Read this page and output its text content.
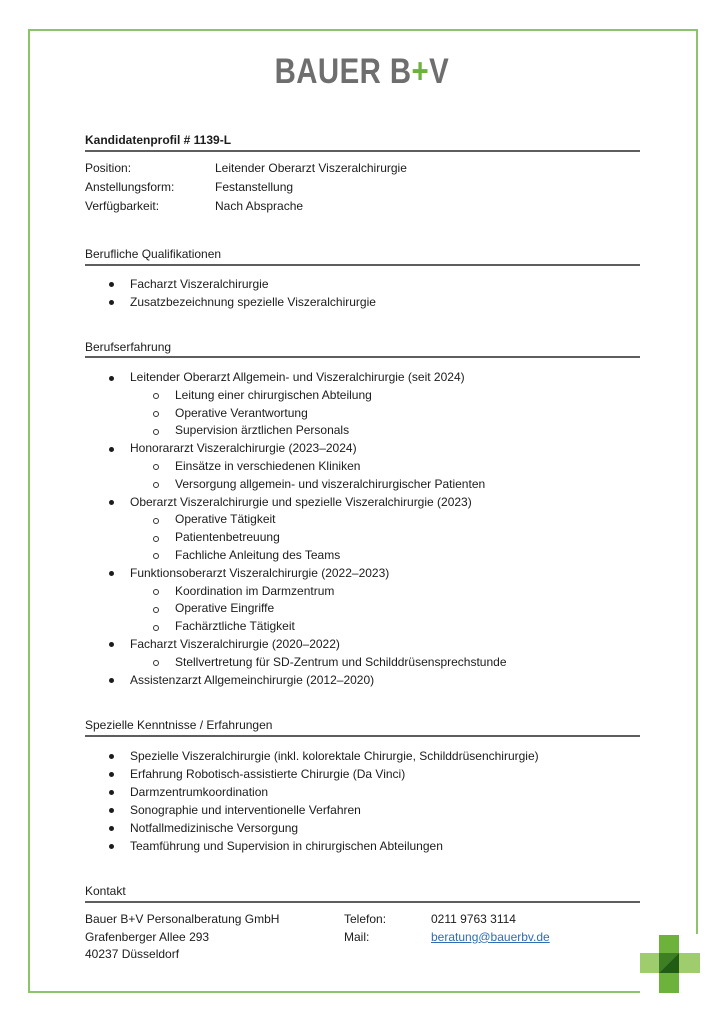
BAUER B+V
Kandidatenprofil # 1139-L
Position:	Leitender Oberarzt Viszeralchirurgie
Anstellungsform:	Festanstellung
Verfügbarkeit:	Nach Absprache
Berufliche Qualifikationen
Facharzt Viszeralchirurgie
Zusatzbezeichnung spezielle Viszeralchirurgie
Berufserfahrung
Leitender Oberarzt Allgemein- und Viszeralchirurgie (seit 2024)
Leitung einer chirurgischen Abteilung
Operative Verantwortung
Supervision ärztlichen Personals
Honorararzt Viszeralchirurgie (2023–2024)
Einsätze in verschiedenen Kliniken
Versorgung allgemein- und viszeralchirurgischer Patienten
Oberarzt Viszeralchirurgie und spezielle Viszeralchirurgie (2023)
Operative Tätigkeit
Patientenbetreuung
Fachliche Anleitung des Teams
Funktionsoberarzt Viszeralchirurgie (2022–2023)
Koordination im Darmzentrum
Operative Eingriffe
Fachärztliche Tätigkeit
Facharzt Viszeralchirurgie (2020–2022)
Stellvertretung für SD-Zentrum und Schilddrüsensprechstunde
Assistenzarzt Allgemeinchirurgie (2012–2020)
Spezielle Kenntnisse / Erfahrungen
Spezielle Viszeralchirurgie (inkl. kolorektale Chirurgie, Schilddrüsenchirurgie)
Erfahrung Robotisch-assistierte Chirurgie (Da Vinci)
Darmzentrumkoordination
Sonographie und interventionelle Verfahren
Notfallmedizinische Versorgung
Teamführung und Supervision in chirurgischen Abteilungen
Kontakt
Bauer B+V Personalberatung GmbH	Telefon:	0211 9763 3114
Grafenberger Allee 293	Mail:	beratung@bauerbv.de
40237 Düsseldorf
